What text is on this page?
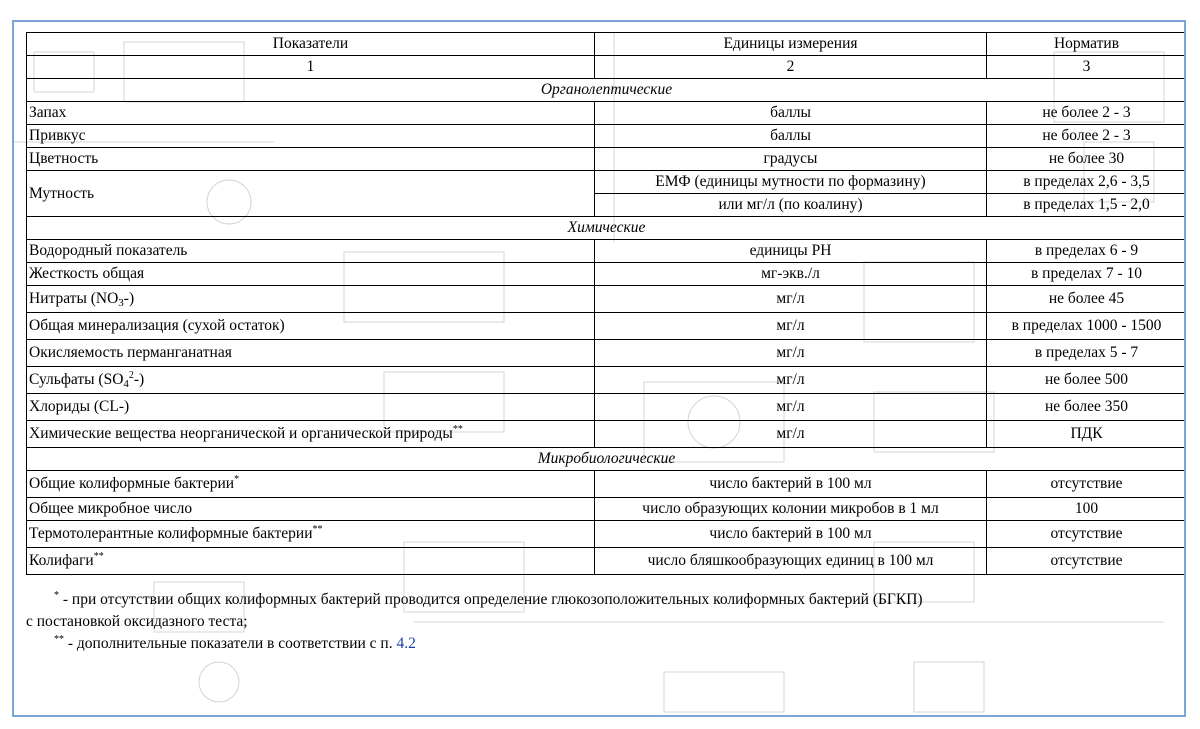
Показатели	Единицы измерения	Норматив
1	2	3
Органолептические		
Запах	баллы	не более 2 - 3
Привкус	баллы	не более 2 - 3
Цветность	градусы	не более 30
Мутность	ЕМФ (единицы мутности по формазину)	в пределах 2,6 - 3,5
	или мг/л (по коалину)	в пределах 1,5 - 2,0
Химические		
Водородный показатель	единицы РН	в пределах 6 - 9
Жесткость общая	мг-экв./л	в пределах 7 - 10
Нитраты $(NO_3-)$	мг/л	не более 45
Общая минерализация (сухой остаток)	мг/л	в пределах 1000 - 1500
Окисляемость перманганатная	мг/л	в пределах 5 - 7
Сульфаты $(SO_4^2-)$	мг/л	не более 500
Хлориды (CL-)	мг/л	не более 350
Химические вещества неорганической и органической природы**	мг/л	ПДК
Микробиологические		
Общие колиформные бактерии*	число бактерий в 100 мл	отсутствие
Общее микробное число	число образующих колонии микробов в 1 мл	100
Термотолерантные колиформные бактерии**	число бактерий в 100 мл	отсутствие
Колифаги**	число бляшкообразующих единиц в 100 мл	отсутствие
* - при отсутствии общих колиформных бактерий проводится определение глюкозоположительных колиформных бактерий (БГКП)
с постановкой оксидазного теста;
** - дополнительные показатели в соответствии с п. 4.2
